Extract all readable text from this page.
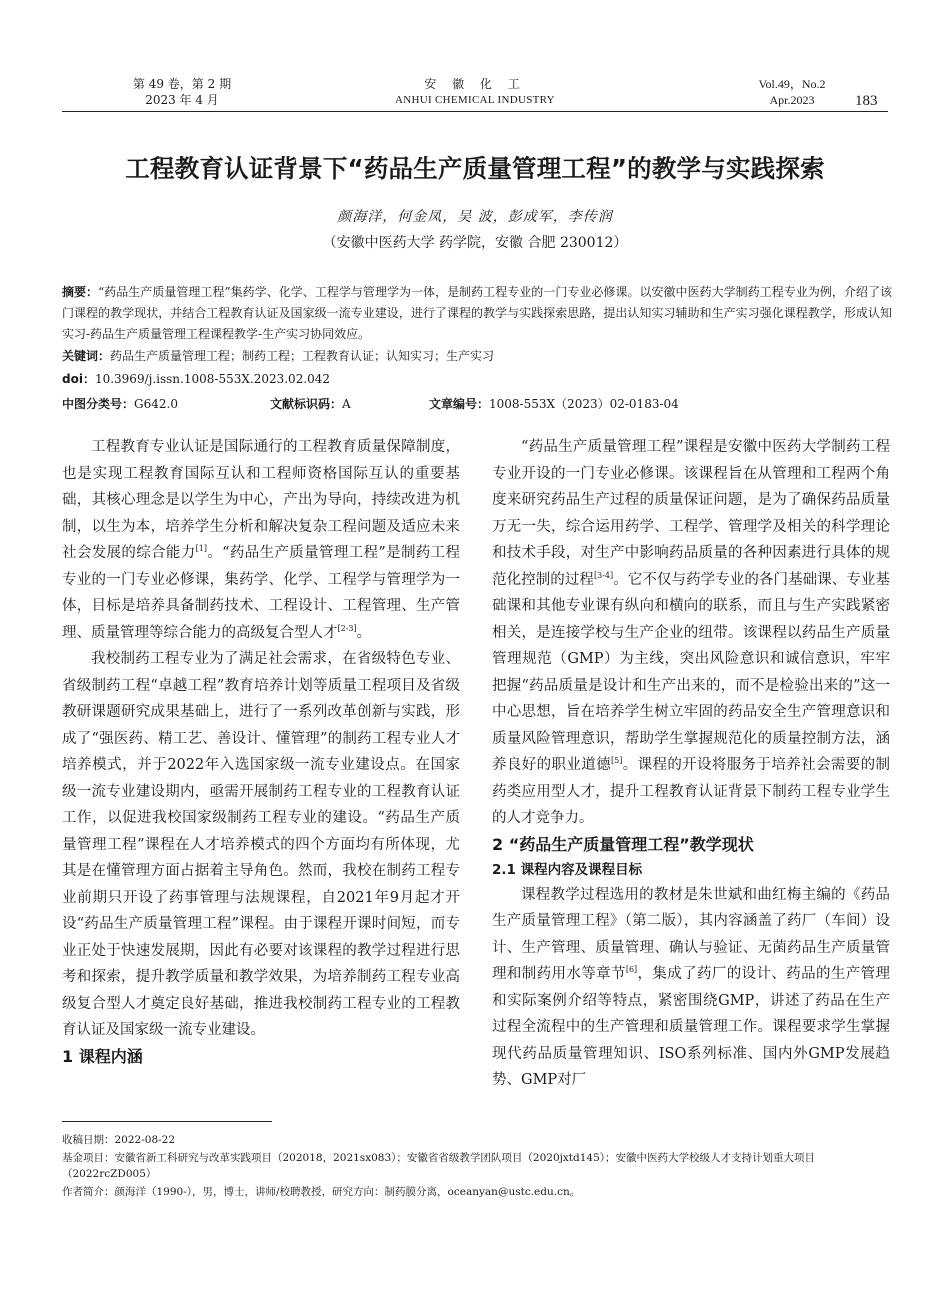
第 49 卷，第 2 期
2023 年 4 月
安 徽 化 工
ANHUI CHEMICAL INDUSTRY
Vol.49，No.2
Apr.2023	183
工程教育认证背景下“药品生产质量管理工程”的教学与实践探索
颜海洋，何金凤，吴 波，彭成军，李传润
（安徽中医药大学 药学院，安徽 合肥 230012）
摘要：“药品生产质量管理工程”集药学、化学、工程学与管理学为一体，是制药工程专业的一门专业必修课。以安徽中医药大学制药工程专业为例，介绍了该门课程的教学现状，并结合工程教育认证及国家级一流专业建设，进行了课程的教学与实践探索思路，提出认知实习辅助和生产实习强化课程教学，形成认知实习-药品生产质量管理工程课程教学-生产实习协同效应。
关键词：药品生产质量管理工程；制药工程；工程教育认证；认知实习；生产实习
doi：10.3969/j.issn.1008-553X.2023.02.042
中图分类号： G642.0	文献标识码： A	文章编号： 1008-553X（2023）02-0183-04

工程教育专业认证是国际通行的工程教育质量保障制度，也是实现工程教育国际互认和工程师资格国际互认的重要基础，其核心理念是以学生为中心，产出为导向，持续改进为机制，以生为本，培养学生分析和解决复杂工程问题及适应未来社会发展的综合能力[1]。“药品生产质量管理工程”是制药工程专业的一门专业必修课，集药学、化学、工程学与管理学为一体，目标是培养具备制药技术、工程设计、工程管理、生产管理、质量管理等综合能力的高级复合型人才[2-3]。

我校制药工程专业为了满足社会需求，在省级特色专业、省级制药工程“卓越工程”教育培养计划等质量工程项目及省级教研课题研究成果基础上，进行了一系列改革创新与实践，形成了“强医药、精工艺、善设计、懂管理”的制药工程专业人才培养模式，并于2022年入选国家级一流专业建设点。在国家级一流专业建设期内，亟需开展制药工程专业的工程教育认证工作，以促进我校国家级制药工程专业的建设。“药品生产质量管理工程”课程在人才培养模式的四个方面均有所体现，尤其是在懂管理方面占据着主导角色。然而，我校在制药工程专业前期只开设了药事管理与法规课程，自2021年9月起才开设“药品生产质量管理工程”课程。由于课程开课时间短，而专业正处于快速发展期，因此有必要对该课程的教学过程进行思考和探索，提升教学质量和教学效果，为培养制药工程专业高级复合型人才奠定良好基础，推进我校制药工程专业的工程教育认证及国家级一流专业建设。

1 课程内涵

“药品生产质量管理工程”课程是安徽中医药大学制药工程专业开设的一门专业必修课。该课程旨在从管理和工程两个角度来研究药品生产过程的质量保证问题，是为了确保药品质量万无一失，综合运用药学、工程学、管理学及相关的科学理论和技术手段，对生产中影响药品质量的各种因素进行具体的规范化控制的过程[3-4]。它不仅与药学专业的各门基础课、专业基础课和其他专业课有纵向和横向的联系，而且与生产实践紧密相关，是连接学校与生产企业的纽带。该课程以药品生产质量管理规范（GMP）为主线，突出风险意识和诚信意识，牢牢把握“药品质量是设计和生产出来的，而不是检验出来的”这一中心思想，旨在培养学生树立牢固的药品安全生产管理意识和质量风险管理意识，帮助学生掌握规范化的质量控制方法，涵养良好的职业道德[5]。课程的开设将服务于培养社会需要的制药类应用型人才，提升工程教育认证背景下制药工程专业学生的人才竞争力。

2 “药品生产质量管理工程”教学现状
2.1 课程内容及课程目标

课程教学过程选用的教材是朱世斌和曲红梅主编的《药品生产质量管理工程》（第二版），其内容涵盖了药厂（车间）设计、生产管理、质量管理、确认与验证、无菌药品生产质量管理和制药用水等章节[6]，集成了药厂的设计、药品的生产管理和实际案例介绍等特点，紧密围绕GMP，讲述了药品在生产过程全流程中的生产管理和质量管理工作。课程要求学生掌握现代药品质量管理知识、ISO系列标准、国内外GMP发展趋势、GMP对厂

收稿日期：2022-08-22
基金项目：安徽省新工科研究与改革实践项目（202018，2021sx083）；安徽省省级教学团队项目（2020jxtd145）；安徽中医药大学校级人才支持计划重大项目（2022rcZD005）
作者简介：颜海洋（1990-），男，博士，讲师/校聘教授，研究方向：制药膜分离，oceanyan@ustc.edu.cn。
